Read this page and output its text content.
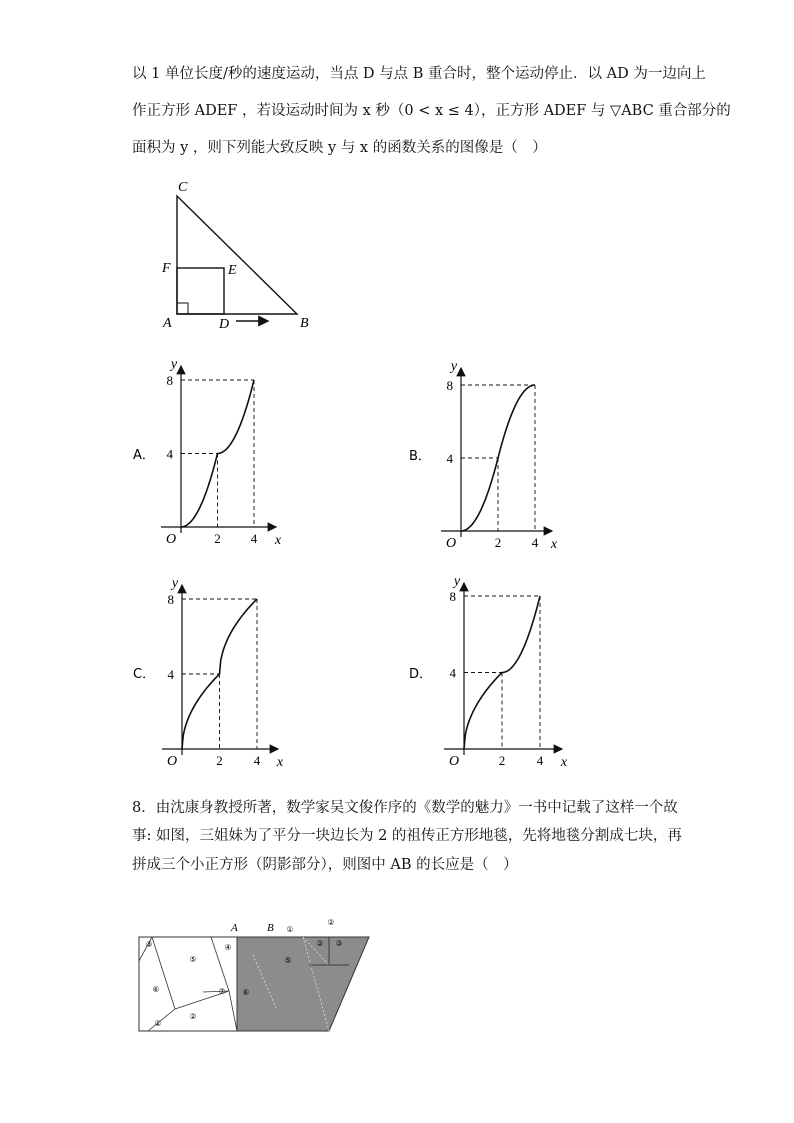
以 1 单位长度/秒的速度运动，当点 D 与点 B 重合时，整个运动停止．以 AD 为一边向上
作正方形 ADEF ，若设运动时间为 x 秒（0 < x ≤ 4），正方形 ADEF 与 ▽ABC 重合部分的
面积为 y ，则下列能大致反映 y 与 x 的函数关系的图像是（　）
C
F	E
A	D	B
A．
y
x
O	2 4
4
8
B．
y
x
O	2 4
4
8
C．
y
x
O	2 4
4
8
D．
y
x
O	2 4
4
8
A	B
③
⑤
①
②
④
⑥	⑦ ⑥
⑤
①
②
② ③
8．由沈康身教授所著，数学家吴文俊作序的《数学的魅力》一书中记载了这样一个故
事: 如图，三姐妹为了平分一块边长为 2 的祖传正方形地毯，先将地毯分割成七块，再
拼成三个小正方形（阴影部分），则图中 AB 的长应是（　）
